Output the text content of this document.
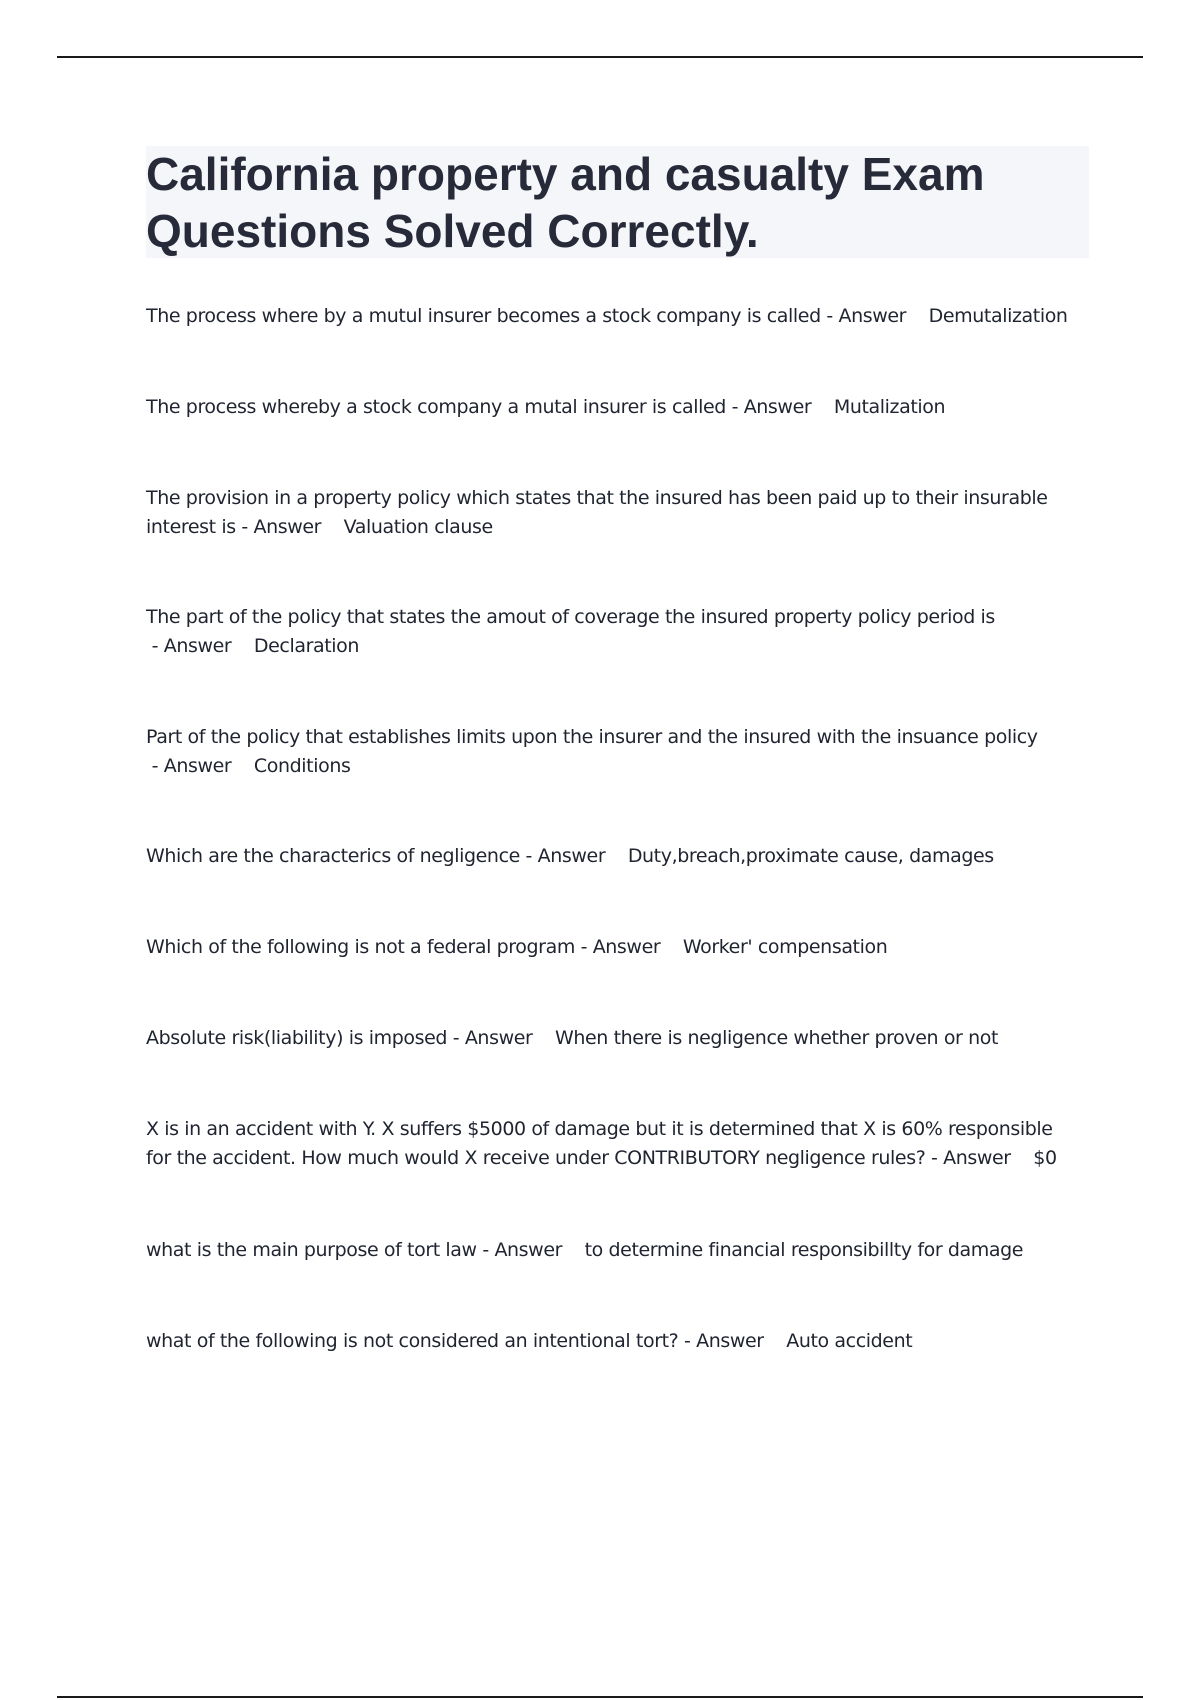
California property and casualty Exam Questions Solved Correctly.

The process where by a mutul insurer becomes a stock company is called - Answer Demutalization

The process whereby a stock company a mutal insurer is called - Answer Mutalization

The provision in a property policy which states that the insured has been paid up to their insurable interest is - Answer Valuation clause

The part of the policy that states the amout of coverage the insured property policy period is - Answer Declaration

Part of the policy that establishes limits upon the insurer and the insured with the insuance policy - Answer Conditions

Which are the characterics of negligence - Answer Duty,breach,proximate cause, damages

Which of the following is not a federal program - Answer Worker' compensation

Absolute risk(liability) is imposed - Answer When there is negligence whether proven or not

X is in an accident with Y. X suffers $5000 of damage but it is determined that X is 60% responsible for the accident. How much would X receive under CONTRIBUTORY negligence rules? - Answer $0

what is the main purpose of tort law - Answer to determine financial responsibillty for damage

what of the following is not considered an intentional tort? - Answer Auto accident
